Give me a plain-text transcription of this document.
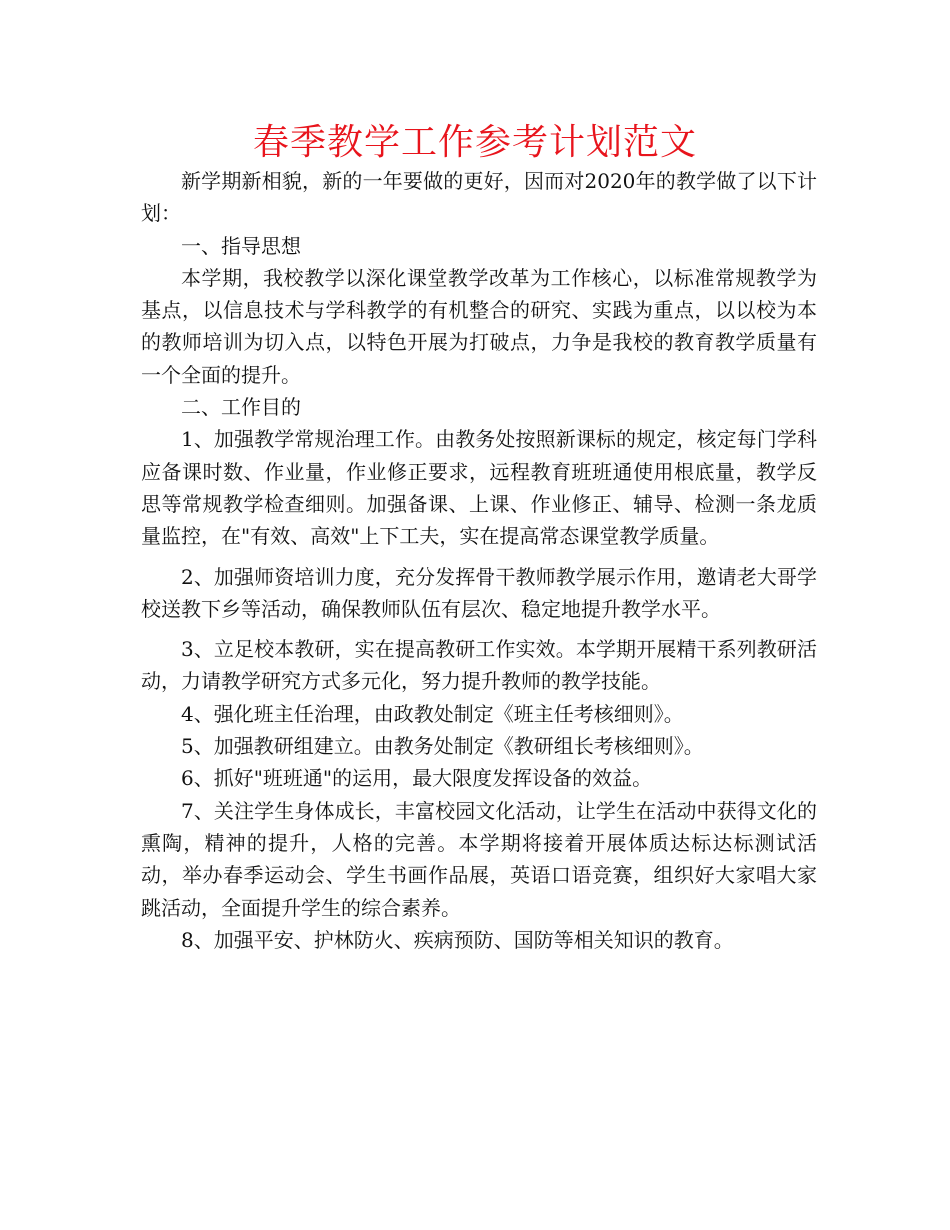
春季教学工作参考计划范文

新学期新相貌，新的一年要做的更好，因而对2020年的教学做了以下计划：

一、指导思想

本学期，我校教学以深化课堂教学改革为工作核心，以标准常规教学为基点，以信息技术与学科教学的有机整合的研究、实践为重点，以以校为本的教师培训为切入点，以特色开展为打破点，力争是我校的教育教学质量有一个全面的提升。

二、工作目的

1、加强教学常规治理工作。由教务处按照新课标的规定，核定每门学科应备课时数、作业量，作业修正要求，远程教育班班通使用根底量，教学反思等常规教学检查细则。加强备课、上课、作业修正、辅导、检测一条龙质量监控，在"有效、高效"上下工夫，实在提高常态课堂教学质量。

2、加强师资培训力度，充分发挥骨干教师教学展示作用，邀请老大哥学校送教下乡等活动，确保教师队伍有层次、稳定地提升教学水平。

3、立足校本教研，实在提高教研工作实效。本学期开展精干系列教研活动，力请教学研究方式多元化，努力提升教师的教学技能。

4、强化班主任治理，由政教处制定《班主任考核细则》。

5、加强教研组建立。由教务处制定《教研组长考核细则》。

6、抓好"班班通"的运用，最大限度发挥设备的效益。

7、关注学生身体成长，丰富校园文化活动，让学生在活动中获得文化的熏陶，精神的提升，人格的完善。本学期将接着开展体质达标达标测试活动，举办春季运动会、学生书画作品展，英语口语竞赛，组织好大家唱大家跳活动，全面提升学生的综合素养。

8、加强平安、护林防火、疾病预防、国防等相关知识的教育。
